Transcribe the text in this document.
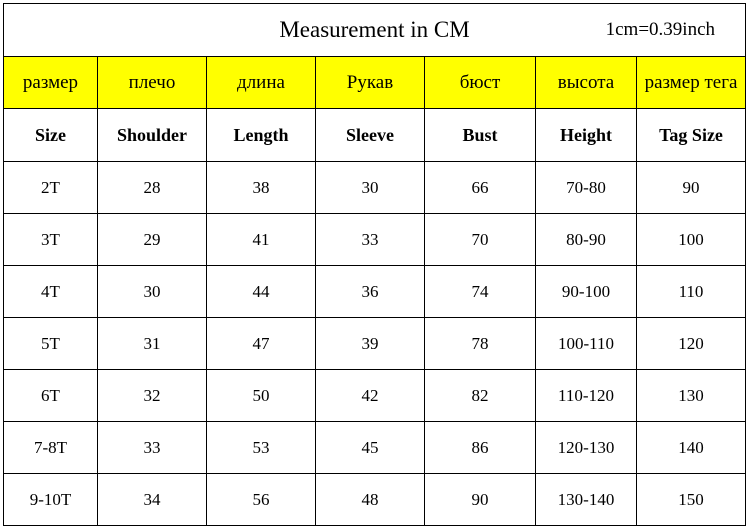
Measurement in CM 1cm=0.39inch						

размер	плечо	длина	Рукав	бюст	высота	размер тега
Size	Shoulder	Length	Sleeve	Bust	Height	Tag Size
2T	28	38	30	66	70-80	90
3T	29	41	33	70	80-90	100
4T	30	44	36	74	90-100	110
5T	31	47	39	78	100-110	120
6T	32	50	42	82	110-120	130
7-8T	33	53	45	86	120-130	140
9-10T	34	56	48	90	130-140	150
